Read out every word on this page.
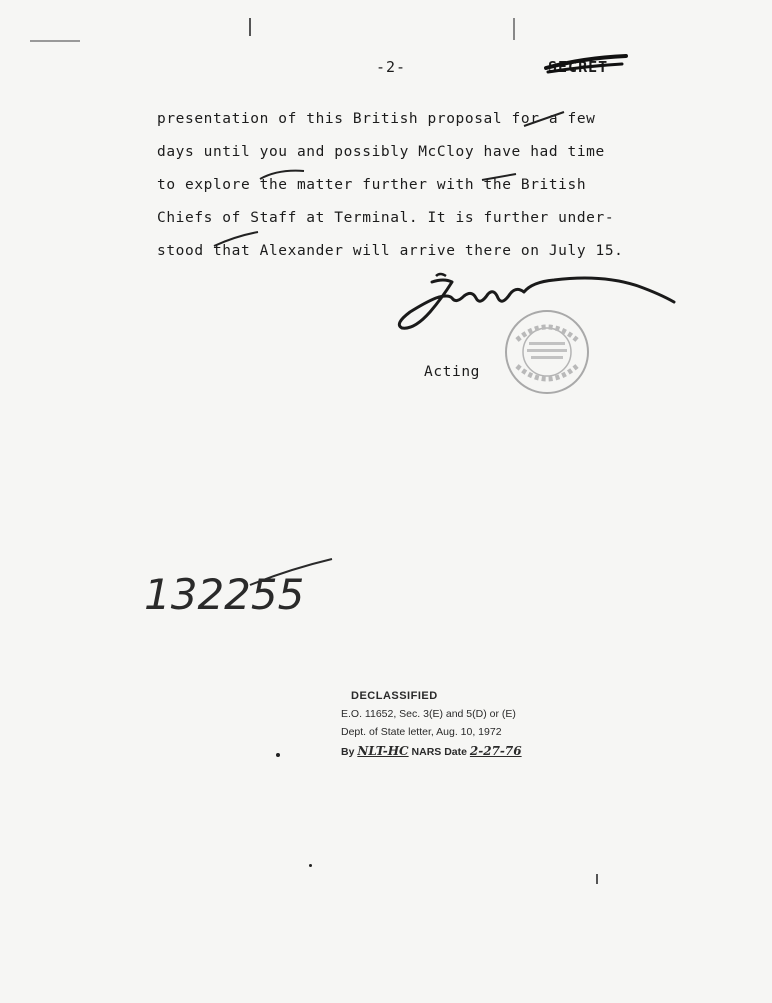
-2-	SECRET
presentation of this British proposal for a few
days until you and possibly McCloy have had time
to explore the matter further with the British
Chiefs of Staff at Terminal. It is further under-
stood that Alexander will arrive there on July 15.
Acting
132255
DECLASSIFIED
E.O. 11652, Sec. 3(E) and 5(D) or (E)
Dept. of State letter, Aug. 10, 1972
By NLT-HC NARS Date 2-27-76
